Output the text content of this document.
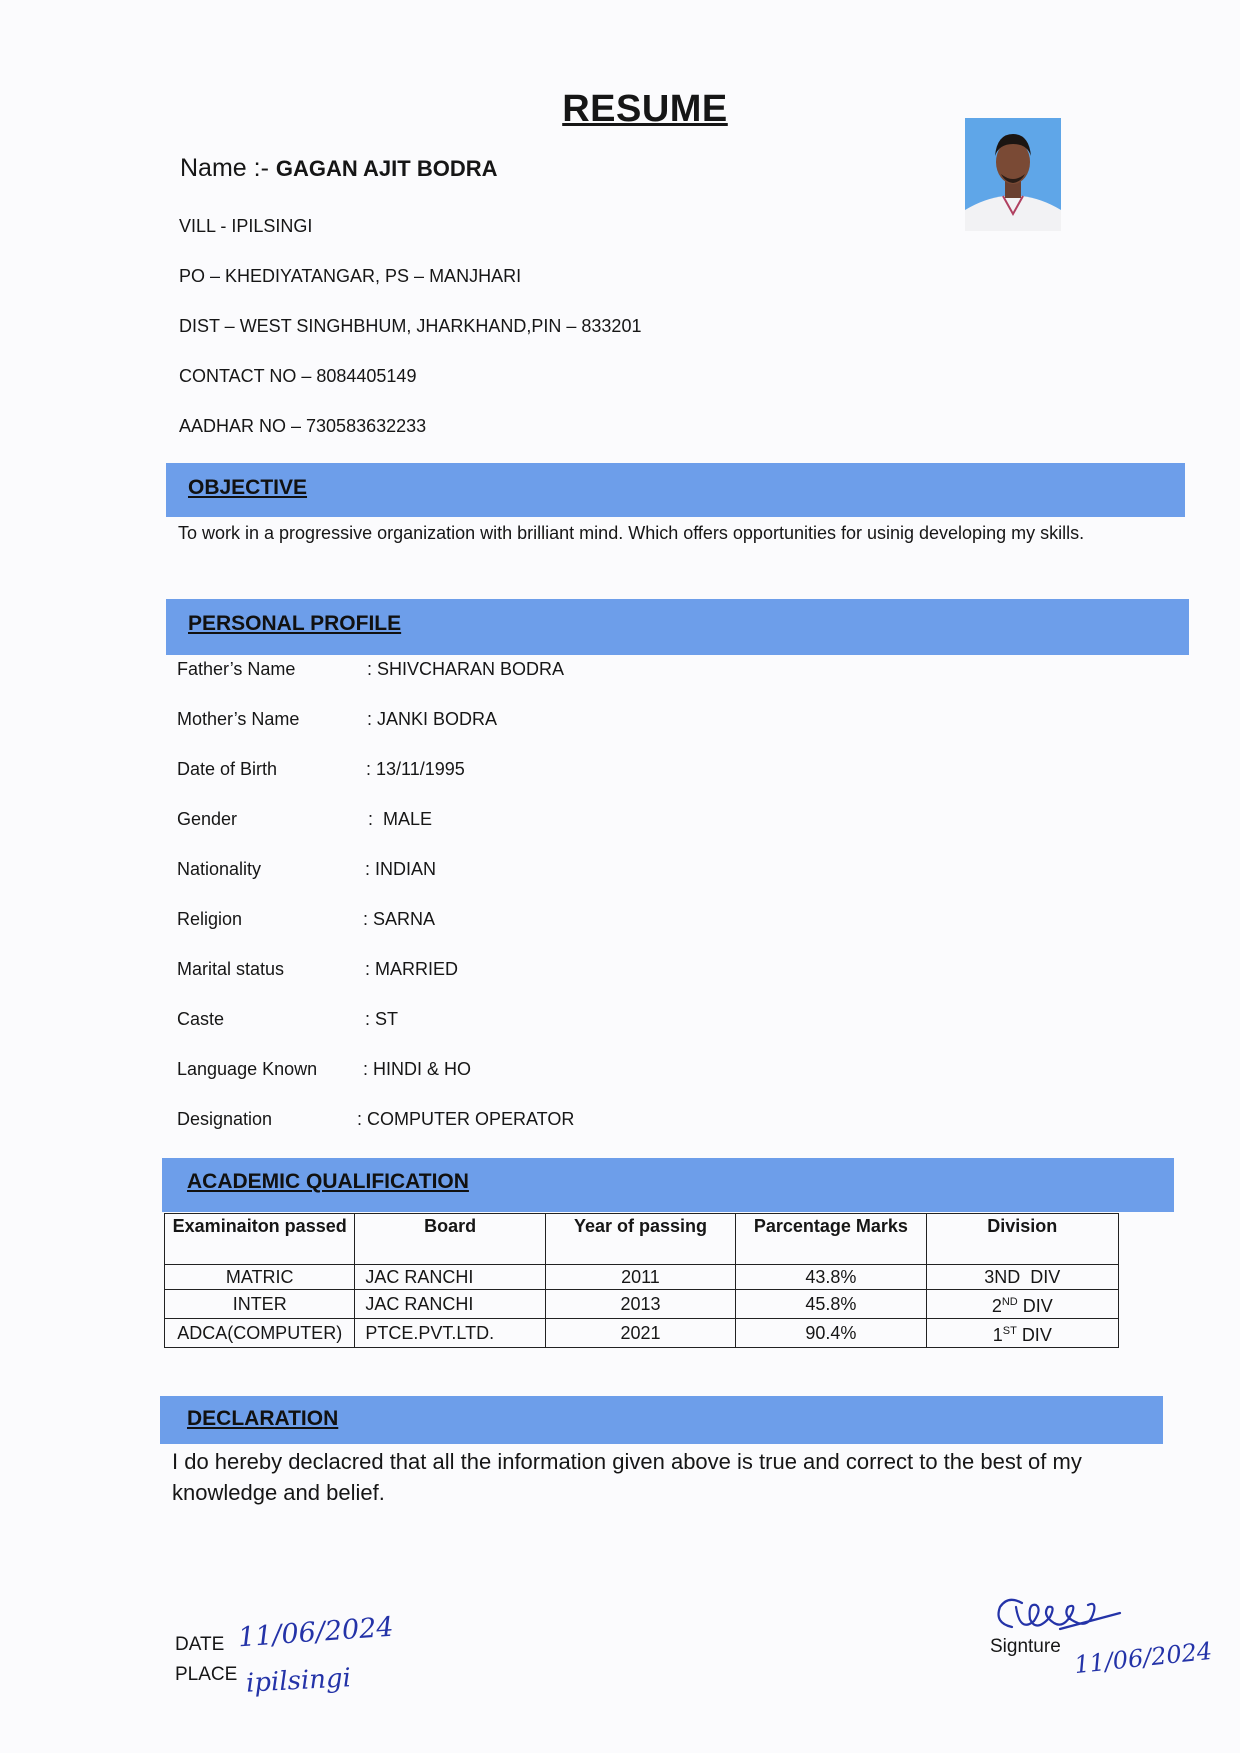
RESUME
Name :- GAGAN AJIT BODRA
VILL - IPILSINGI
PO – KHEDIYATANGAR, PS – MANJHARI
DIST – WEST SINGHBHUM, JHARKHAND,PIN – 833201
CONTACT NO – 8084405149
AADHAR NO – 730583632233
OBJECTIVE
To work in a progressive organization with brilliant mind. Which offers opportunities for usinig developing my skills.
PERSONAL PROFILE
Father’s Name	: SHIVCHARAN BODRA
Mother’s Name	: JANKI BODRA
Date of Birth	: 13/11/1995
Gender	:  MALE
Nationality	: INDIAN
Religion	: SARNA
Marital status	: MARRIED
Caste	: ST
Language Known	: HINDI & HO
Designation	: COMPUTER OPERATOR
ACADEMIC QUALIFICATION
Examinaiton passed	Board	Year of passing	Parcentage Marks	Division
MATRIC	JAC RANCHI	2011	43.8%	3ND DIV
INTER	JAC RANCHI	2013	45.8%	2ND DIV
ADCA(COMPUTER)	PTCE.PVT.LTD.	2021	90.4%	1ST DIV
DECLARATION
I do hereby declacred that all the information given above is true and correct to the best of my knowledge and belief.
DATE 11/06/2024
PLACE ipilsingi
Signture 11/06/2024
